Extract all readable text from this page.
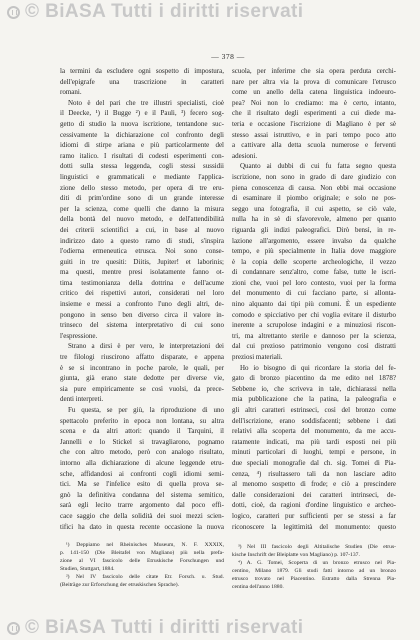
© BiASA Tutti i diritti riservati
— 378 —
la termini da escludere ogni sospetto di impostura,
dell'epigrafe una trascrizione in caratteri
romani.
Noto è del pari che tre illustri specialisti, cioè
il Deecke, ¹) il Bugge ²) e il Pauli, ³) fecero sog-
getto di studio la nuova iscrizione, tentandone suc-
cessivamente la dichiarazione col confronto degli
idiomi di stirpe ariana e più particolarmente del
ramo italico. I risultati di codesti esperimenti con-
dotti sulla stessa leggenda, cogli stessi sussidii
linguistici e grammaticali e mediante l'applica-
zione dello stesso metodo, per opera di tre eru-
diti di prim'ordine sono di un grande interesse
per la scienza, come quelli che danno la misura
della bontà del nuovo metodo, e dell'attendibilità
dei criterii scientifici a cui, in base al nuovo
indirizzo dato a questo ramo di studi, s'inspira
l'odierna ermeneutica etrusca. Noi sono conse-
guiti in tre quesiti: Diitis, Jupiter! et laborinis;
ma questi, mentre presi isolatamente fanno ot-
tima testimonianza della dottrina e dell'acume
critico dei rispettivi autori, considerati nel loro
insieme e messi a confronto l'uno degli altri, de-
pongono in senso ben diverso circa il valore in-
trinseco del sistema interpretativo di cui sono
l'espressione.
Strano a dirsi è per vero, le interpretazioni dei
tre filologi riuscirono affatto disparate, e appena
è se si incontrano in poche parole, le quali, per
giunta, già erano state dedotte per diverse vie,
sia pure empiricamente se così vuolsi, da prece-
denti interpreti.
Fu questa, se per giù, la riproduzione di uno
spettacolo preferito in epoca non lontana, su altra
scena e da altri attori: quando il Tarquini, il
Jannelli e lo Stickel si travagliarono, pognamo
che con altro metodo, però con analogo risultato,
intorno alla dichiarazione di alcune leggende etru-
sche, affidandosi ai confronti cogli idiomi semi-
tici. Ma se l'infelice esito di quella prova se-
gnò la definitiva condanna del sistema semitico,
sarà egli lecito trarre argomento dal poco effi-
cace saggio che della solidità dei suoi mezzi scien-
tifici ha dato in questa recente occasione la nuova
scuola, per inferirne che sia opera perduta cerchi-
nare per altra via la prova di comunicare l'etrusco
come un anello della catena linguistica indoeuro-
pea? Noi non lo crediamo: ma è certo, intanto,
che il risultato degli esperimenti a cui diede ma-
teria e occasione l'iscrizione di Magliano è per sè
stesso assai istruttivo, e in pari tempo poco atto
a cattivare alla detta scuola numerose e ferventi
adesioni.
Quanto ai dubbi di cui fu fatta segno questa
iscrizione, non sono in grado di dare giudizio con
piena conoscenza di causa. Non ebbi mai occasione
di esaminare il piombo originale; e solo ne pos-
seggo una fotografia, il cui aspetto, se ciò vale,
nulla ha in sè di sfavorevole, almeno per quanto
riguarda gli indizi paleografici. Dirò bensì, in re-
lazione all'argomento, essere invalso da qualche
tempo, e più specialmente in Italia dove maggiore
è la copia delle scoperte archeologiche, il vezzo
di condannare senz'altro, come false, tutte le iscri-
zioni che, vuoi pel loro contesto, vuoi per la forma
del monumento di cui facciano parte, si allonta-
nino alquanto dai tipi più comuni. È un espediente
comodo e spicciativo per chi voglia evitare il disturbo
inerente a scrupolose indagini e a minuziosi riscon-
tri, ma altrettanto sterile e dannoso per la scienza,
dal cui prezioso patrimonio vengono così distratti
preziosi materiali.
Ho io bisogno di qui ricordare la storia del fe-
gato di bronzo piacentino da me edito nel 1878?
Sebbene io, che scriveva in tale, dichiarassi nella
mia pubblicazione che la patina, la paleografia e
gli altri caratteri estrinseci, così del bronzo come
dell'iscrizione, erano soddisfacenti; sebbene i dati
relativi alla scoperta del monumento, da me accu-
ratamente indicati, ma più tardi esposti nei più
minuti particolari di luoghi, tempi e persone, in
due speciali monografie dal ch. sig. Tomei di Pia-
cenza, ⁴) risultassero tali da non lasciare adito
al menomo sospetto di frode; e ciò a prescindere
dalle considerazioni dei caratteri intrinseci, de-
dotti, cioè, da ragioni d'ordine linguistico e archeo-
logico, caratteri pur sufficienti per se stessi a far
riconoscere la legittimità del monumento: questo
¹) Deppiamo nel Rheinisches Museum, N. F. XXXIX,
p. 141-150 (Die Bleitafel von Magliano) più nella prefa-
zione al VI fascicolo delle Etruskische Forschungen und
Studien, Stuttgart, 1884.
²) Nel IV fascicolo delle citate Etr. Forsch. u. Stud.
(Beiträge zur Erforschung der etruskischen Sprache).
³) Nel III fascicolo degli Altitalische Studien (Die etrus-
kische Inschrift der Bleiplatte von Magliano) p. 107-137.
⁴) A. G. Tomei, Scoperta di un bronzo etrusco nel Pia-
centino, Milano 1879. Gli studi fatti intorno ad un bronzo
etrusco trovato nel Piacentino. Estratto dalla Strenna Pia-
centina dell'anno 1880.
© BiASA Tutti i diritti riservati
